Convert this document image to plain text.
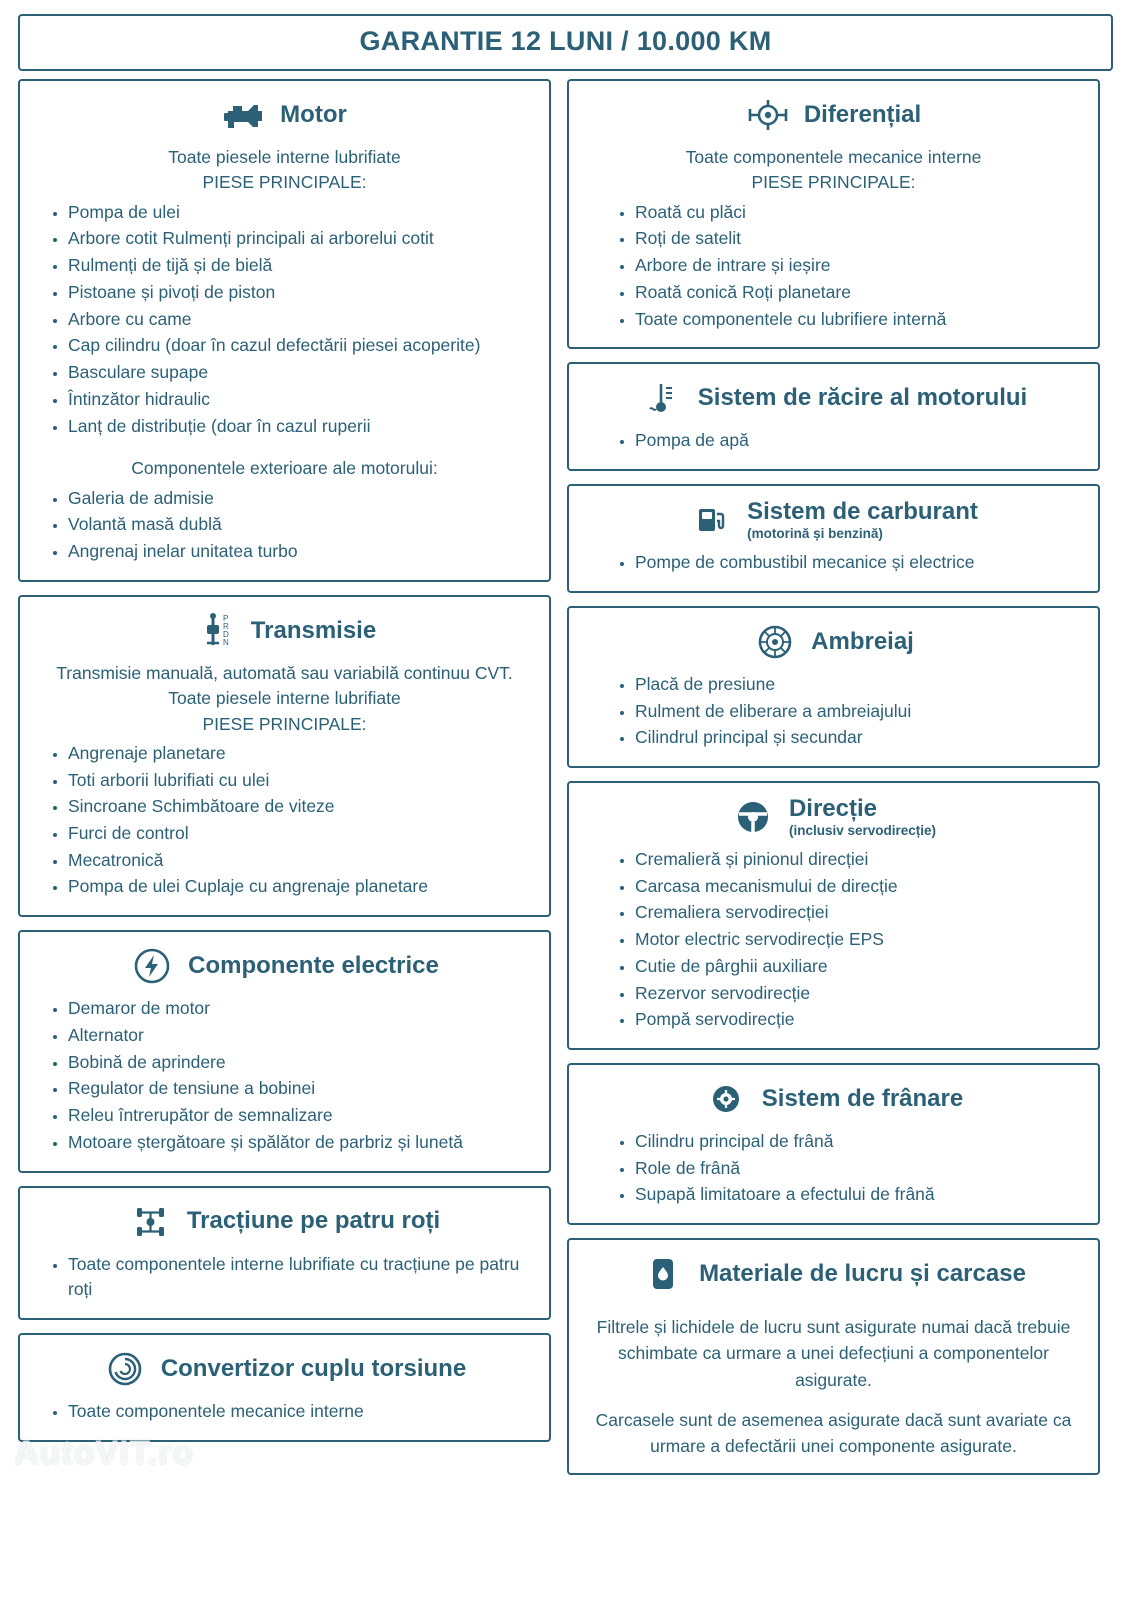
GARANTIE 12 LUNI / 10.000 KM
Motor

Toate piesele interne lubrifiate

PIESE PRINCIPALE:

• Pompa de ulei
• Arbore cotit Rulmenți principali ai arborelui cotit
• Rulmenți de tijă și de bielă
• Pistoane și pivoți de piston
• Arbore cu came
• Cap cilindru (doar în cazul defectării piesei acoperite)
• Basculare supape
• Întinzător hidraulic
• Lanț de distribuție (doar în cazul ruperii
Componentele exterioare ale motorului:
• Galeria de admisie
• Volantă masă dublă
• Angrenaj inelar unitatea turbo
P
R
D
N Transmisie

Transmisie manuală, automată sau variabilă continuu CVT.

Toate piesele interne lubrifiate

PIESE PRINCIPALE:

• Angrenaje planetare
• Toti arborii lubrifiati cu ulei
• Sincroane Schimbătoare de viteze
• Furci de control
• Mecatronică
• Pompa de ulei Cuplaje cu angrenaje planetare
Componente electrice
• Demaror de motor
• Alternator
• Bobină de aprindere
• Regulator de tensiune a bobinei
• Releu întrerupător de semnalizare
• Motoare ștergătoare și spălător de parbriz și lunetă
Tracțiune pe patru roți
• Toate componentele interne lubrifiate cu tracțiune pe patru roți
Convertizor cuplu torsiune
• Toate componentele mecanice interne
Diferențial

Toate componentele mecanice interne

PIESE PRINCIPALE:

• Roată cu plăci
• Roți de satelit
• Arbore de intrare și ieșire
• Roată conică Roți planetare
• Toate componentele cu lubrifiere internă
Sistem de răcire al motorului
• Pompa de apă
Sistem de carburant
(motorină și benzină)
• Pompe de combustibil mecanice și electrice
Ambreiaj
• Placă de presiune
• Rulment de eliberare a ambreiajului
• Cilindrul principal și secundar
Direcție
(inclusiv servodirecție)
• Cremalieră și pinionul direcției
• Carcasa mecanismului de direcție
• Cremaliera servodirecției
• Motor electric servodirecție EPS
• Cutie de pârghii auxiliare
• Rezervor servodirecție
• Pompă servodirecție
Sistem de frânare
• Cilindru principal de frână
• Role de frână
• Supapă limitatoare a efectului de frână
Materiale de lucru și carcase

Filtrele și lichidele de lucru sunt asigurate numai dacă trebuie schimbate ca urmare a unei defecțiuni a componentelor asigurate.

Carcasele sunt de asemenea asigurate dacă sunt avariate ca urmare a defectării unei componente asigurate.

AutoVIT.ro
